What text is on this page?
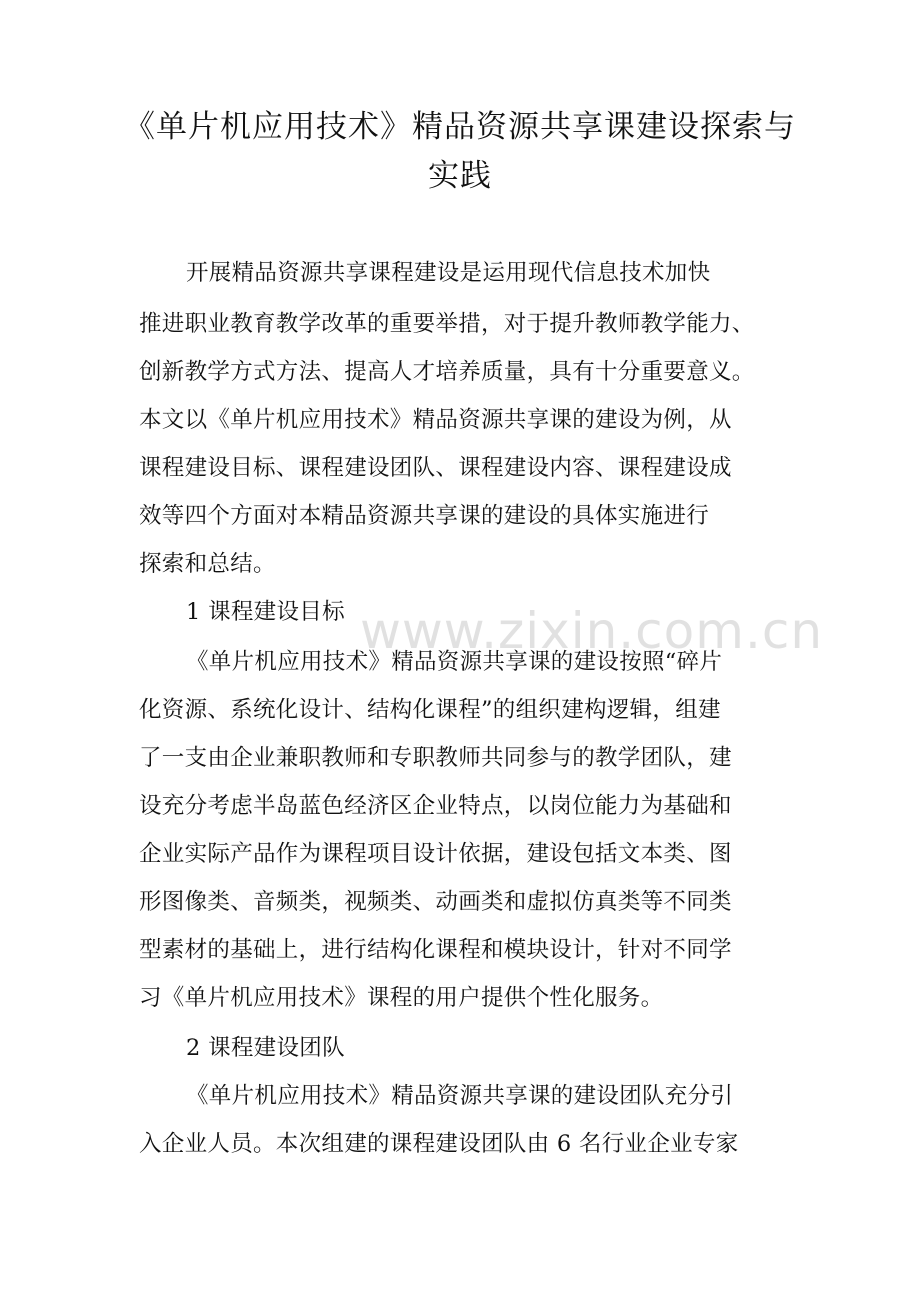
《单片机应用技术》精品资源共享课建设探索与
实践
开展精品资源共享课程建设是运用现代信息技术加快
推进职业教育教学改革的重要举措，对于提升教师教学能力、
创新教学方式方法、提高人才培养质量，具有十分重要意义。
本文以《单片机应用技术》精品资源共享课的建设为例，从
课程建设目标、课程建设团队、课程建设内容、课程建设成
效等四个方面对本精品资源共享课的建设的具体实施进行
探索和总结。
1 课程建设目标
《单片机应用技术》精品资源共享课的建设按照“碎片
化资源、系统化设计、结构化课程”的组织建构逻辑，组建
了一支由企业兼职教师和专职教师共同参与的教学团队，建
设充分考虑半岛蓝色经济区企业特点，以岗位能力为基础和
企业实际产品作为课程项目设计依据，建设包括文本类、图
形图像类、音频类，视频类、动画类和虚拟仿真类等不同类
型素材的基础上，进行结构化课程和模块设计，针对不同学
习《单片机应用技术》课程的用户提供个性化服务。
2 课程建设团队
《单片机应用技术》精品资源共享课的建设团队充分引
入企业人员。本次组建的课程建设团队由 6 名行业企业专家
www.zixin.com.cn
